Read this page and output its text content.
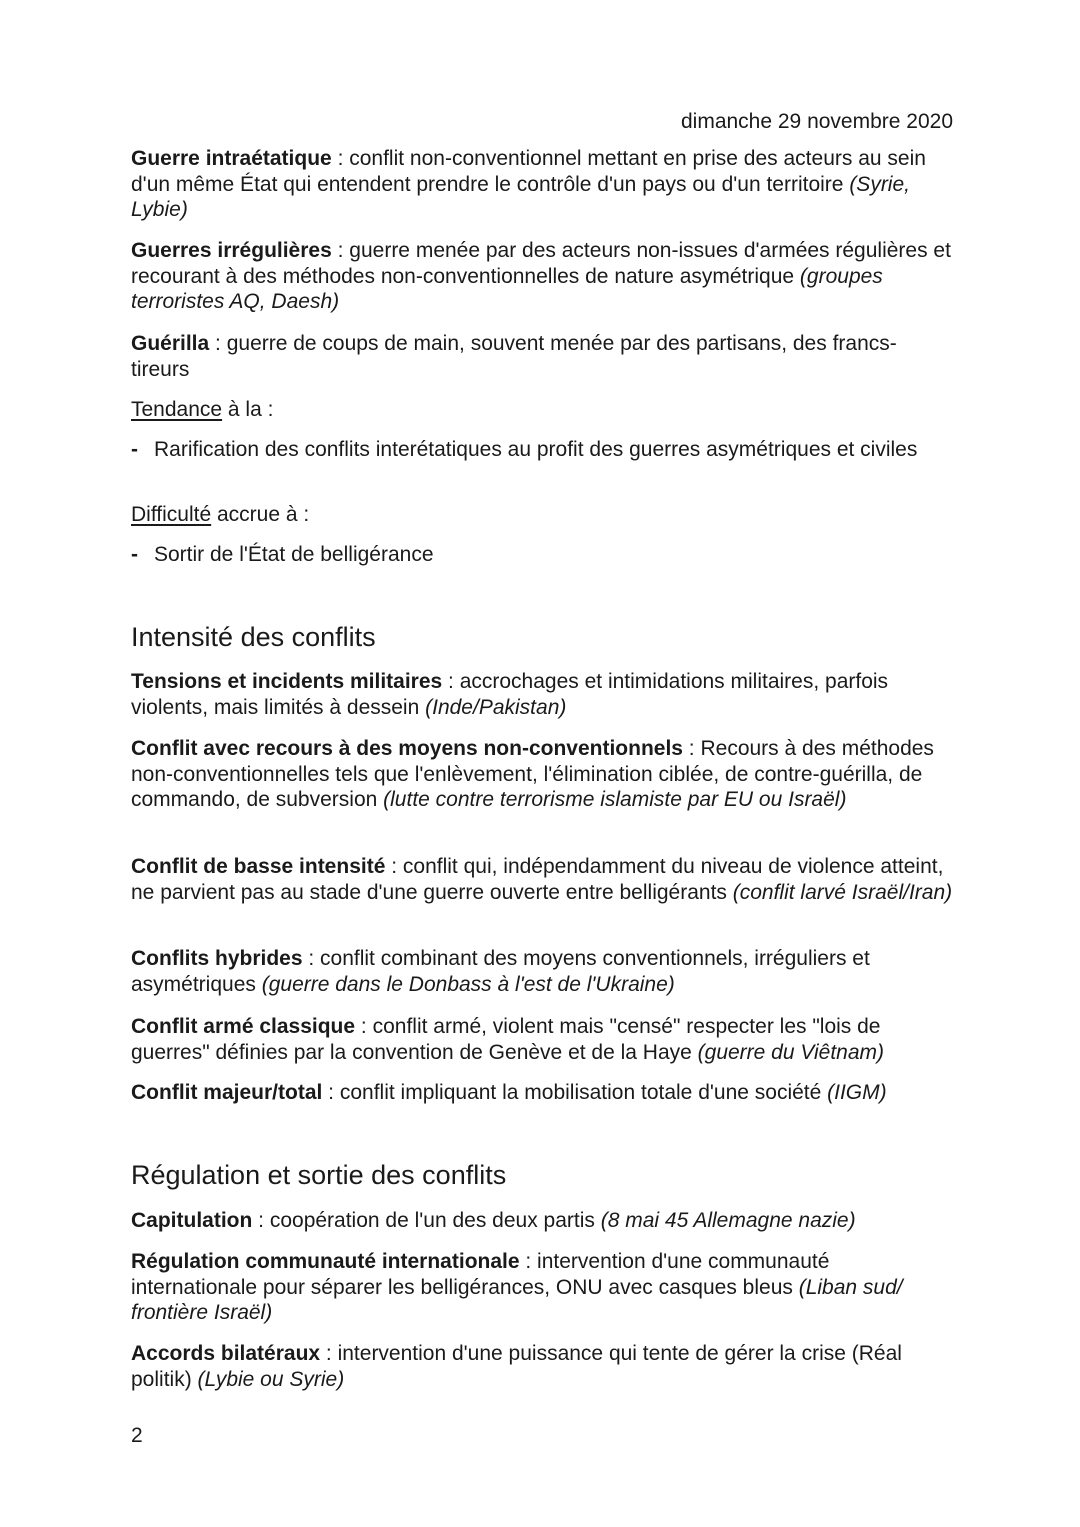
dimanche 29 novembre 2020
Guerre intraétatique : conflit non-conventionnel mettant en prise des acteurs au sein d'un même État qui entendent prendre le contrôle d'un pays ou d'un territoire (Syrie, Lybie)
Guerres irrégulières : guerre menée par des acteurs non-issues d'armées régulières et recourant à des méthodes non-conventionnelles de nature asymétrique (groupes terroristes AQ, Daesh)
Guérilla : guerre de coups de main, souvent menée par des partisans, des francs-tireurs
Tendance à la :
- Rarification des conflits interétatiques au profit des guerres asymétriques et civiles
Difficulté accrue à :
- Sortir de l'État de belligérance
Intensité des conflits
Tensions et incidents militaires : accrochages et intimidations militaires, parfois violents, mais limités à dessein (Inde/Pakistan)
Conflit avec recours à des moyens non-conventionnels : Recours à des méthodes non-conventionnelles tels que l'enlèvement, l'élimination ciblée, de contre-guérilla, de commando, de subversion (lutte contre terrorisme islamiste par EU ou Israël)
Conflit de basse intensité : conflit qui, indépendamment du niveau de violence atteint, ne parvient pas au stade d'une guerre ouverte entre belligérants (conflit larvé Israël/Iran)
Conflits hybrides : conflit combinant des moyens conventionnels, irréguliers et asymétriques (guerre dans le Donbass à l'est de l'Ukraine)
Conflit armé classique : conflit armé, violent mais "censé" respecter les "lois de guerres" définies par la convention de Genève et de la Haye (guerre du Viêtnam)
Conflit majeur/total : conflit impliquant la mobilisation totale d'une société (IIGM)
Régulation et sortie des conflits
Capitulation : coopération de l'un des deux partis (8 mai 45 Allemagne nazie)
Régulation communauté internationale : intervention d'une communauté internationale pour séparer les belligérances, ONU avec casques bleus (Liban sud/ frontière Israël)
Accords bilatéraux : intervention d'une puissance qui tente de gérer la crise (Réal politik) (Lybie ou Syrie)
2
